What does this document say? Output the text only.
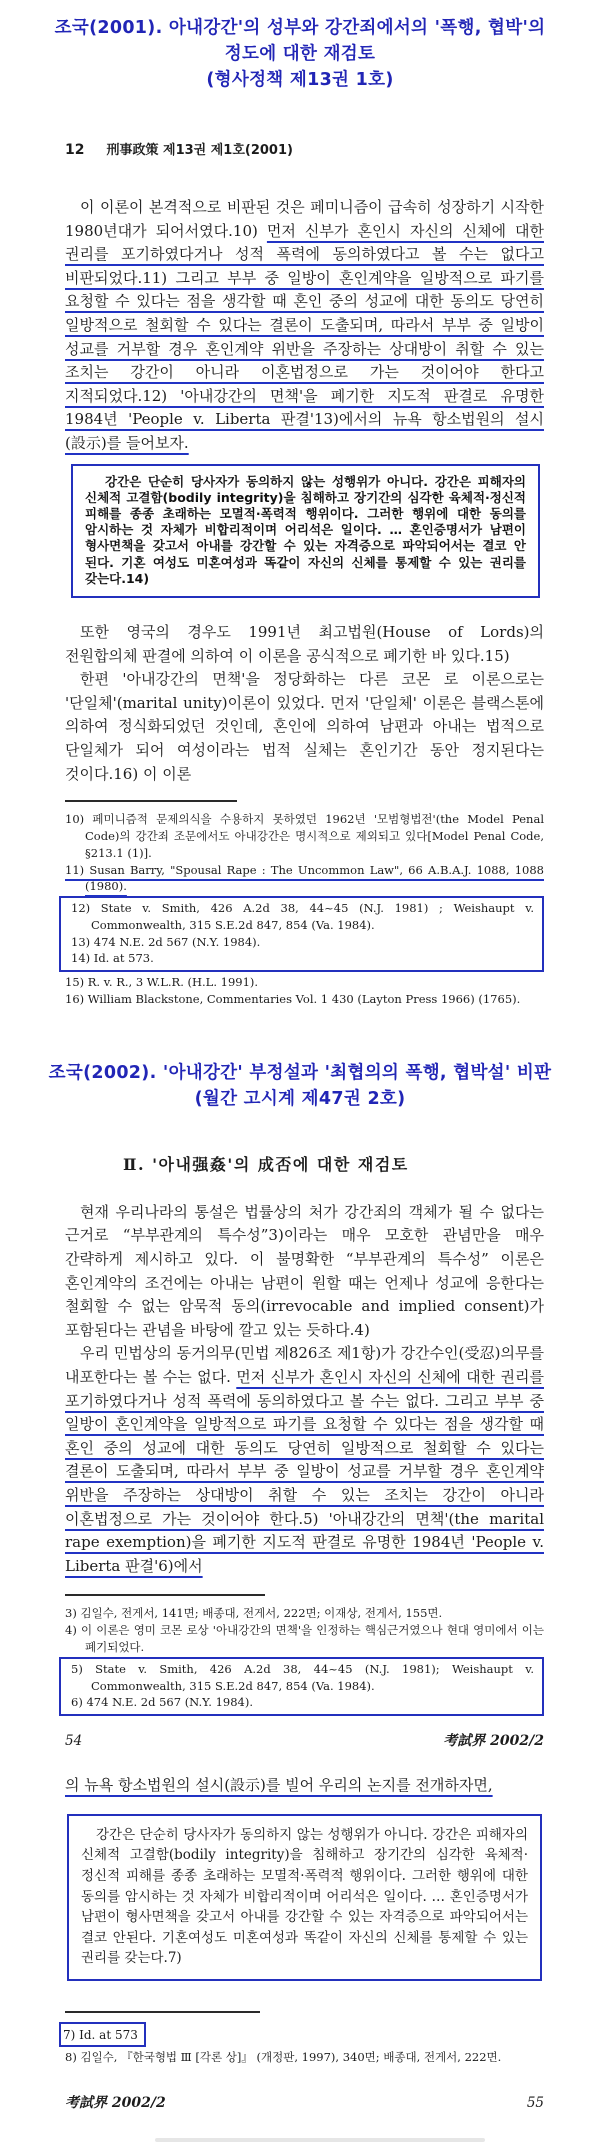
조국(2001). 아내강간'의 성부와 강간죄에서의 '폭행, 협박'의
정도에 대한 재검토
(형사정책 제13권 1호)
12 刑事政策 제13권 제1호(2001)

이 이론이 본격적으로 비판된 것은 페미니즘이 급속히 성장하기 시작한 1980년대가 되어서였다.10) 먼저 신부가 혼인시 자신의 신체에 대한 권리를 포기하였다거나 성적 폭력에 동의하였다고 볼 수는 없다고 비판되었다.11) 그리고 부부 중 일방이 혼인계약을 일방적으로 파기를 요청할 수 있다는 점을 생각할 때 혼인 중의 성교에 대한 동의도 당연히 일방적으로 철회할 수 있다는 결론이 도출되며, 따라서 부부 중 일방이 성교를 거부할 경우 혼인계약 위반을 주장하는 상대방이 취할 수 있는 조치는 강간이 아니라 이혼법정으로 가는 것이어야 한다고 지적되었다.12) '아내강간의 면책'을 폐기한 지도적 판결로 유명한 1984년 'People v. Liberta 판결'13)에서의 뉴욕 항소법원의 설시(設示)를 들어보자.

강간은 단순히 당사자가 동의하지 않는 성행위가 아니다. 강간은 피해자의 신체적 고결함(bodily integrity)을 침해하고 장기간의 심각한 육체적·정신적 피해를 종종 초래하는 모멸적·폭력적 행위이다. 그러한 행위에 대한 동의를 암시하는 것 자체가 비합리적이며 어리석은 일이다. … 혼인증명서가 남편이 형사면책을 갖고서 아내를 강간할 수 있는 자격증으로 파악되어서는 결코 안 된다. 기혼 여성도 미혼여성과 똑같이 자신의 신체를 통제할 수 있는 권리를 갖는다.14)

또한 영국의 경우도 1991년 최고법원(House of Lords)의 전원합의체 판결에 의하여 이 이론을 공식적으로 폐기한 바 있다.15)

한편 '아내강간의 면책'을 정당화하는 다른 코몬 로 이론으로는 '단일체'(marital unity)이론이 있었다. 먼저 '단일체' 이론은 블랙스톤에 의하여 정식화되었던 것인데, 혼인에 의하여 남편과 아내는 법적으로 단일체가 되어 여성이라는 법적 실체는 혼인기간 동안 정지된다는 것이다.16) 이 이론

10) 페미니즘적 문제의식을 수용하지 못하였던 1962년 '모범형법전'(the Model Penal Code)의 강간죄 조문에서도 아내강간은 명시적으로 제외되고 있다[Model Penal Code, §213.1 (1)].
11) Susan Barry, "Spousal Rape : The Uncommon Law", 66 A.B.A.J. 1088, 1088 (1980).
12) State v. Smith, 426 A.2d 38, 44~45 (N.J. 1981) ; Weishaupt v. Commonwealth, 315 S.E.2d 847, 854 (Va. 1984).
13) 474 N.E. 2d 567 (N.Y. 1984).
14) Id. at 573.
15) R. v. R., 3 W.L.R. (H.L. 1991).
16) William Blackstone, Commentaries Vol. 1 430 (Layton Press 1966) (1765).
조국(2002). '아내강간' 부정설과 '최협의의 폭행, 협박설' 비판
(월간 고시계 제47권 2호)
Ⅱ. '아내强姦'의 成否에 대한 재검토

현재 우리나라의 통설은 법률상의 처가 강간죄의 객체가 될 수 없다는 근거로 “부부관계의 특수성”3)이라는 매우 모호한 관념만을 매우 간략하게 제시하고 있다. 이 불명확한 “부부관계의 특수성” 이론은 혼인계약의 조건에는 아내는 남편이 원할 때는 언제나 성교에 응한다는 철회할 수 없는 암묵적 동의(irrevocable and implied consent)가 포함된다는 관념을 바탕에 깔고 있는 듯하다.4)

우리 민법상의 동거의무(민법 제826조 제1항)가 강간수인(受忍)의무를 내포한다는 볼 수는 없다. 먼저 신부가 혼인시 자신의 신체에 대한 권리를 포기하였다거나 성적 폭력에 동의하였다고 볼 수는 없다. 그리고 부부 중 일방이 혼인계약을 일방적으로 파기를 요청할 수 있다는 점을 생각할 때 혼인 중의 성교에 대한 동의도 당연히 일방적으로 철회할 수 있다는 결론이 도출되며, 따라서 부부 중 일방이 성교를 거부할 경우 혼인계약 위반을 주장하는 상대방이 취할 수 있는 조치는 강간이 아니라 이혼법정으로 가는 것이어야 한다.5) '아내강간의 면책'(the marital rape exemption)을 폐기한 지도적 판결로 유명한 1984년 'People v. Liberta 판결'6)에서

3) 김일수, 전게서, 141면; 배종대, 전게서, 222면; 이재상, 전게서, 155면.
4) 이 이론은 영미 코몬 로상 '아내강간의 면책'을 인정하는 핵심근거였으나 현대 영미에서 이는 폐기되었다.
5) State v. Smith, 426 A.2d 38, 44~45 (N.J. 1981); Weishaupt v. Commonwealth, 315 S.E.2d 847, 854 (Va. 1984).
6) 474 N.E. 2d 567 (N.Y. 1984).
54	考試界 2002/2

의 뉴욕 항소법원의 설시(設示)를 빌어 우리의 논지를 전개하자면,

강간은 단순히 당사자가 동의하지 않는 성행위가 아니다. 강간은 피해자의 신체적 고결함(bodily integrity)을 침해하고 장기간의 심각한 육체적·정신적 피해를 종종 초래하는 모멸적·폭력적 행위이다. 그러한 행위에 대한 동의를 암시하는 것 자체가 비합리적이며 어리석은 일이다. … 혼인증명서가 남편이 형사면책을 갖고서 아내를 강간할 수 있는 자격증으로 파악되어서는 결코 안된다. 기혼여성도 미혼여성과 똑같이 자신의 신체를 통제할 수 있는 권리를 갖는다.7)
7) Id. at 573
8) 김일수, 『한국형법 Ⅲ [각론 상]』 (개정판, 1997), 340면; 배종대, 전게서, 222면.
考試界 2002/2	55
